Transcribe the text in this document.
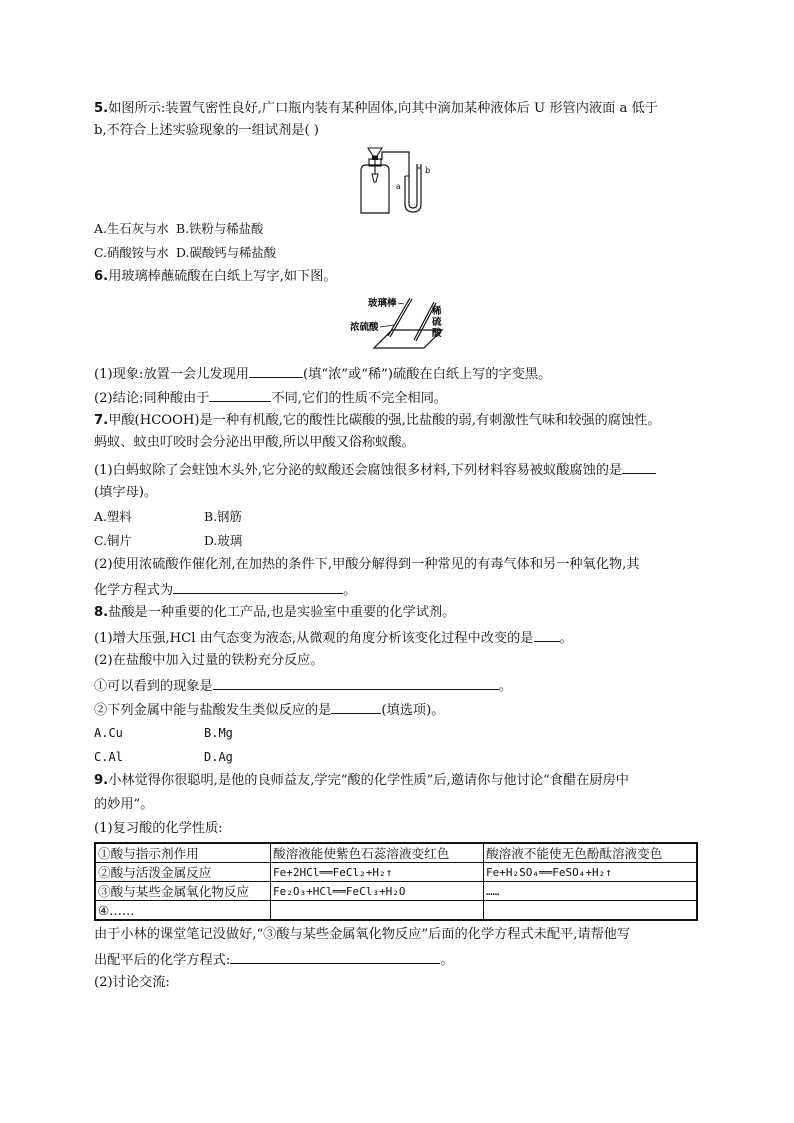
5.如图所示:装置气密性良好,广口瓶内装有某种固体,向其中滴加某种液体后 U 形管内液面 a 低于
b,不符合上述实验现象的一组试剂是( )
a
b
A.生石灰与水 B.铁粉与稀盐酸
C.硝酸铵与水 D.碳酸钙与稀盐酸
6.用玻璃棒蘸硫酸在白纸上写字,如下图。
玻璃棒
浓硫酸
稀
硫
酸
(1)现象:放置一会儿发现用	(填“浓”或“稀”)硫酸在白纸上写的字变黑。
(2)结论:同种酸由于	不同,它们的性质不完全相同。
7.甲酸(HCOOH)是一种有机酸,它的酸性比碳酸的强,比盐酸的弱,有刺激性气味和较强的腐蚀性。
蚂蚁、蚊虫叮咬时会分泌出甲酸,所以甲酸又俗称蚁酸。
(1)白蚂蚁除了会蛀蚀木头外,它分泌的蚁酸还会腐蚀很多材料,下列材料容易被蚁酸腐蚀的是
(填字母)。
A.塑料	B.钢筋
C.铜片	D.玻璃
(2)使用浓硫酸作催化剂,在加热的条件下,甲酸分解得到一种常见的有毒气体和另一种氧化物,其
化学方程式为	。
8.盐酸是一种重要的化工产品,也是实验室中重要的化学试剂。
(1)增大压强,HCl 由气态变为液态,从微观的角度分析该变化过程中改变的是 。
(2)在盐酸中加入过量的铁粉充分反应。
①可以看到的现象是	。
②下列金属中能与盐酸发生类似反应的是	(填选项)。
A.Cu	B.Mg
C.Al	D.Ag
9.小林觉得你很聪明,是他的良师益友,学完“酸的化学性质”后,邀请你与他讨论“食醋在厨房中
的妙用”。
(1)复习酸的化学性质:
①酸与指示剂作用	酸溶液能使紫色石蕊溶液变红色	酸溶液不能使无色酚酞溶液变色
②酸与活泼金属反应	Fe+2HCl══FeCl₂+H₂↑	Fe+H₂SO₄══FeSO₄+H₂↑
③酸与某些金属氧化物反应	Fe₂O₃+HCl══FeCl₃+H₂O	……
④……		
由于小林的课堂笔记没做好,“③酸与某些金属氧化物反应”后面的化学方程式未配平,请帮他写
出配平后的化学方程式:	。
(2)讨论交流:
